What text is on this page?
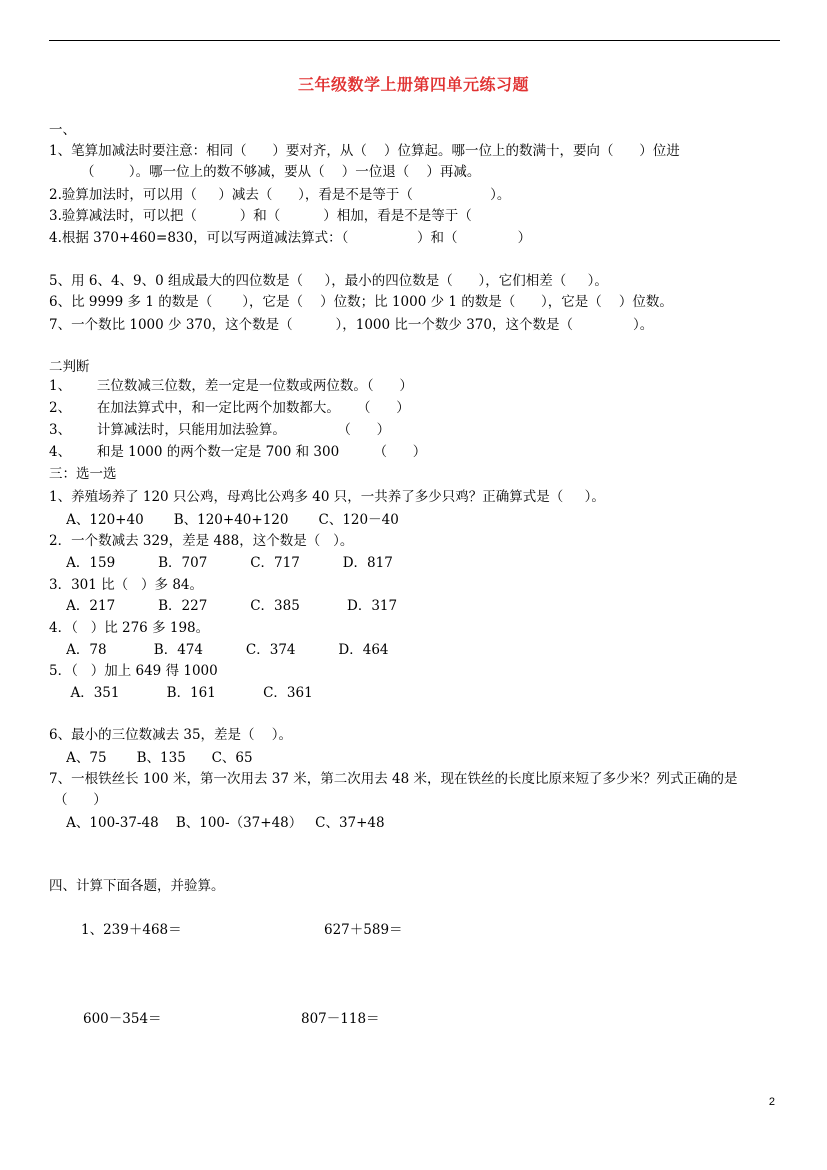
三年级数学上册第四单元练习题
一、
1、笔算加减法时要注意：相同（      ）要对齐，从（    ）位算起。哪一位上的数满十，要向（      ）位进
（        ）。哪一位上的数不够减，要从（    ）一位退（    ）再减。
2.验算加法时，可以用（     ）减去（      ），看是不是等于（                  ）。
3.验算减法时，可以把（          ）和（          ）相加，看是不是等于（
4.根据 370+460=830，可以写两道减法算式：（                ）和（              ）
5、用 6、4、9、0 组成最大的四位数是（     ），最小的四位数是（      ），它们相差（     ）。
6、比 9999 多 1 的数是（       ），它是（    ）位数；比 1000 少 1 的数是（      ），它是（    ）位数。
7、一个数比 1000 少 370，这个数是（          ），1000 比一个数少 370，这个数是（              ）。
二判断
1、      三位数减三位数，差一定是一位数或两位数。（      ）
2、      在加法算式中，和一定比两个加数都大。    （      ）
3、      计算减法时，只能用加法验算。            （      ）
4、      和是 1000 的两个数一定是 700 和 300        （      ）
三：选一选
1、养殖场养了 120 只公鸡，母鸡比公鸡多 40 只，一共养了多少只鸡？正确算式是（     ）。
A、120+40       B、120+40+120       C、120－40
2．一个数减去 329，差是 488，这个数是（   ）。
A．159          B．707          C．717          D．817
3．301 比（   ）多 84。
A．217          B．227          C．385           D．317
4．（   ）比 276 多 198。
A．78           B．474          C．374          D．464
5．（   ）加上 649 得 1000
A．351           B．161           C．361
6、最小的三位数减去 35，差是（    ）。
A、75       B、135      C、65
7、一根铁丝长 100 米，第一次用去 37 米，第二次用去 48 米，现在铁丝的长度比原来短了多少米？列式正确的是
（      ）
A、100-37-48    B、100-（37+48）   C、37+48
四、计算下面各题，并验算。
1、239＋468＝	627＋589＝
600－354＝	807－118＝
2
